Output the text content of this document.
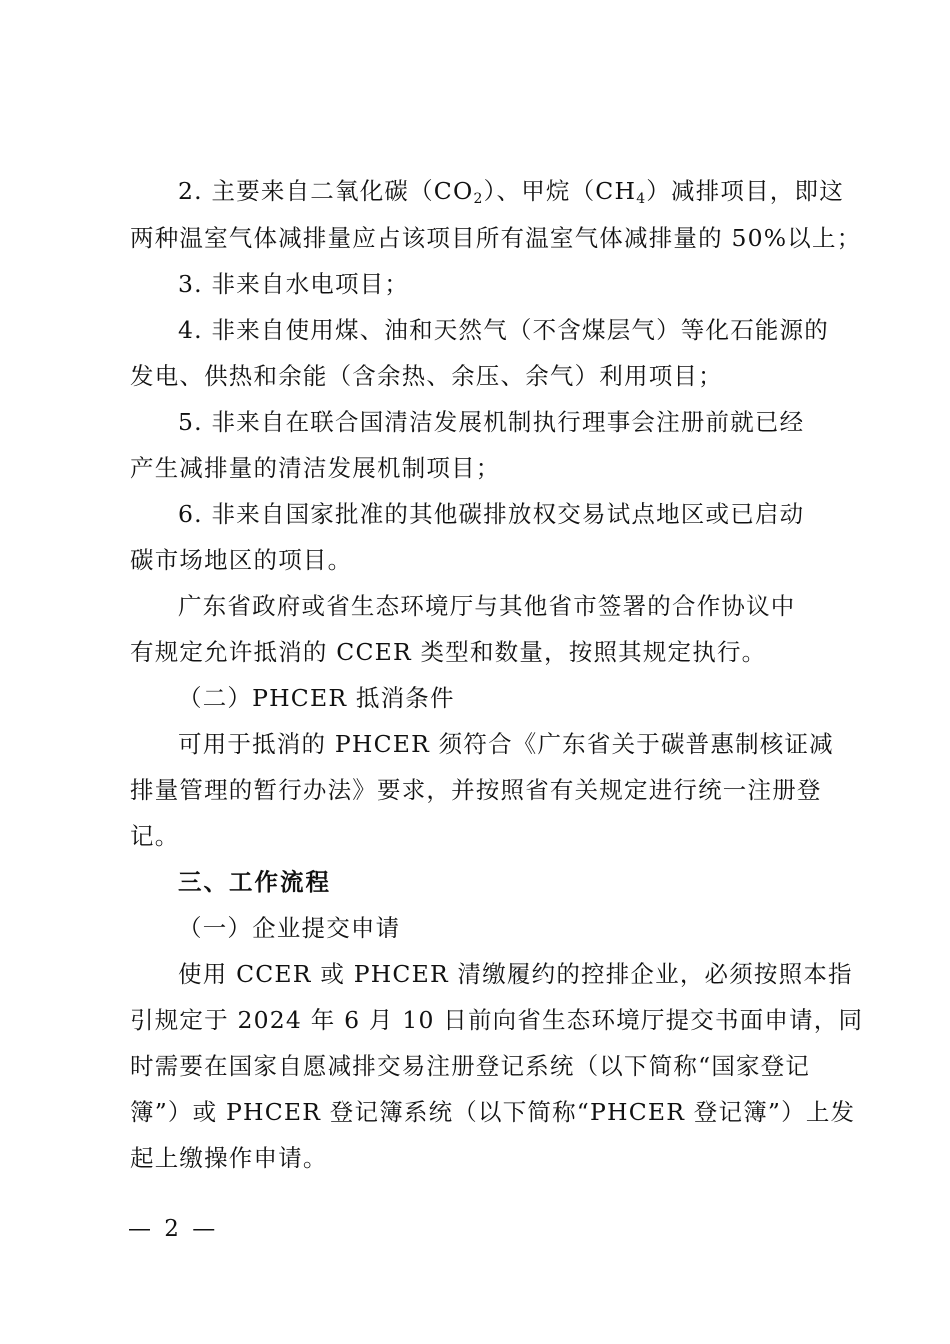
2. 主要来自二氧化碳$(CO_2)$、甲烷$(CH_4)$减排项目，即这
两种温室气体减排量应占该项目所有温室气体减排量的 50%以上；
3. 非来自水电项目；
4. 非来自使用煤、油和天然气（不含煤层气）等化石能源的
发电、供热和余能（含余热、余压、余气）利用项目；
5. 非来自在联合国清洁发展机制执行理事会注册前就已经
产生减排量的清洁发展机制项目；
6. 非来自国家批准的其他碳排放权交易试点地区或已启动
碳市场地区的项目。
广东省政府或省生态环境厅与其他省市签署的合作协议中
有规定允许抵消的 CCER 类型和数量，按照其规定执行。
（二）PHCER 抵消条件
可用于抵消的 PHCER 须符合《广东省关于碳普惠制核证减
排量管理的暂行办法》要求，并按照省有关规定进行统一注册登
记。
三、工作流程
（一）企业提交申请
使用 CCER 或 PHCER 清缴履约的控排企业，必须按照本指
引规定于 2024 年 6 月 10 日前向省生态环境厅提交书面申请，同
时需要在国家自愿减排交易注册登记系统（以下简称“国家登记
簿”）或 PHCER 登记簿系统（以下简称“PHCER 登记簿”）上发
起上缴操作申请。
— 2 —
